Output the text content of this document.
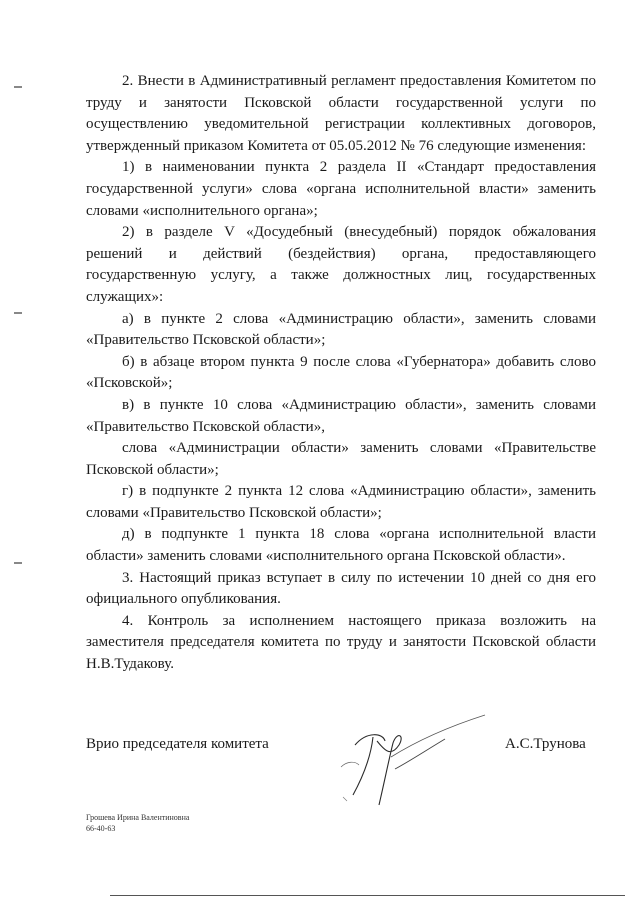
2. Внести в Административный регламент предоставления Комитетом по труду и занятости Псковской области государственной услуги по осуществлению уведомительной регистрации коллективных договоров, утвержденный приказом Комитета от 05.05.2012 № 76 следующие изменения:

1) в наименовании пункта 2 раздела II «Стандарт предоставления государственной услуги» слова «органа исполнительной власти» заменить словами «исполнительного органа»;

2) в разделе V «Досудебный (внесудебный) порядок обжалования решений и действий (бездействия) органа, предоставляющего государственную услугу, а также должностных лиц, государственных служащих»:

а) в пункте 2 слова «Администрацию области», заменить словами «Правительство Псковской области»;

б) в абзаце втором пункта 9 после слова «Губернатора» добавить слово «Псковской»;

в) в пункте 10 слова «Администрацию области», заменить словами «Правительство Псковской области»,

слова «Администрации области» заменить словами «Правительстве Псковской области»;

г) в подпункте 2 пункта 12 слова «Администрацию области», заменить словами «Правительство Псковской области»;

д) в подпункте 1 пункта 18 слова «органа исполнительной власти области» заменить словами «исполнительного органа Псковской области».

3. Настоящий приказ вступает в силу по истечении 10 дней со дня его официального опубликования.

4. Контроль за исполнением настоящего приказа возложить на заместителя председателя комитета по труду и занятости Псковской области Н.В.Тудакову.

Врио председателя комитета	А.С.Трунова
Грошева Ирина Валентиновна
66-40-63
